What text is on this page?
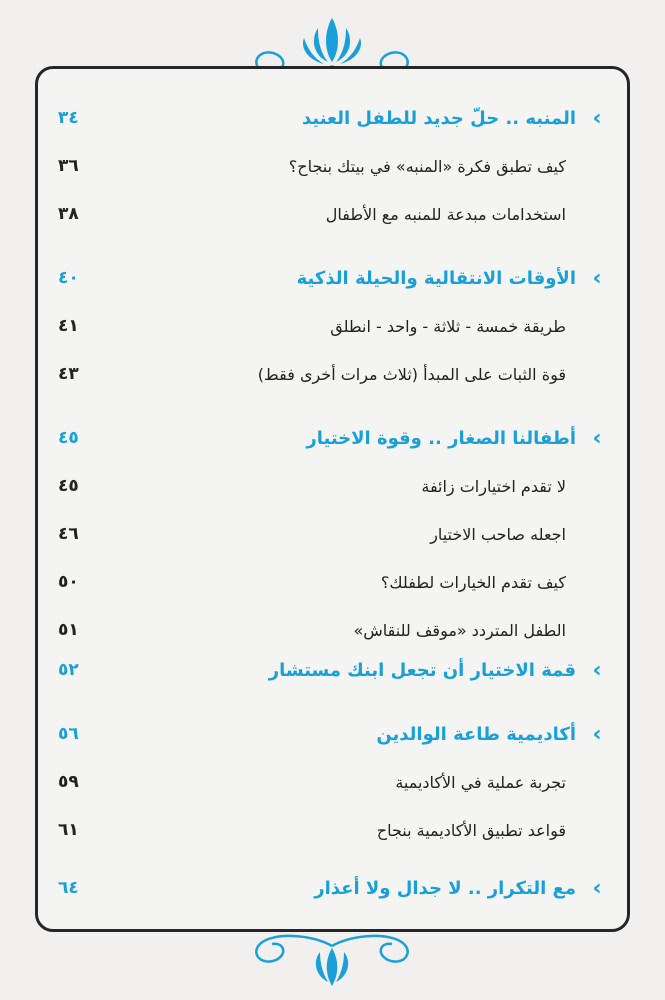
٣٤	المنبه .. حلّ جديد للطفل العنيد ‹
٣٦	كيف تطبق فكرة «المنبه» في بيتك بنجاح؟
٣٨	استخدامات مبدعة للمنبه مع الأطفال
٤٠	الأوقات الانتقالية والحيلة الذكية ‹
٤١	طريقة خمسة - ثلاثة - واحد - انطلق
٤٣	قوة الثبات على المبدأ (ثلاث مرات أخرى فقط)
٤٥	أطفالنا الصغار .. وقوة الاختيار ‹
٤٥	لا تقدم اختيارات زائفة
٤٦	اجعله صاحب الاختيار
٥٠	كيف تقدم الخيارات لطفلك؟
٥١	الطفل المتردد «موقف للنقاش»
٥٢	قمة الاختيار أن تجعل ابنك مستشار ‹
٥٦	أكاديمية طاعة الوالدين ‹
٥٩	تجربة عملية في الأكاديمية
٦١	قواعد تطبيق الأكاديمية بنجاح
٦٤	مع التكرار .. لا جدال ولا أعذار ‹
